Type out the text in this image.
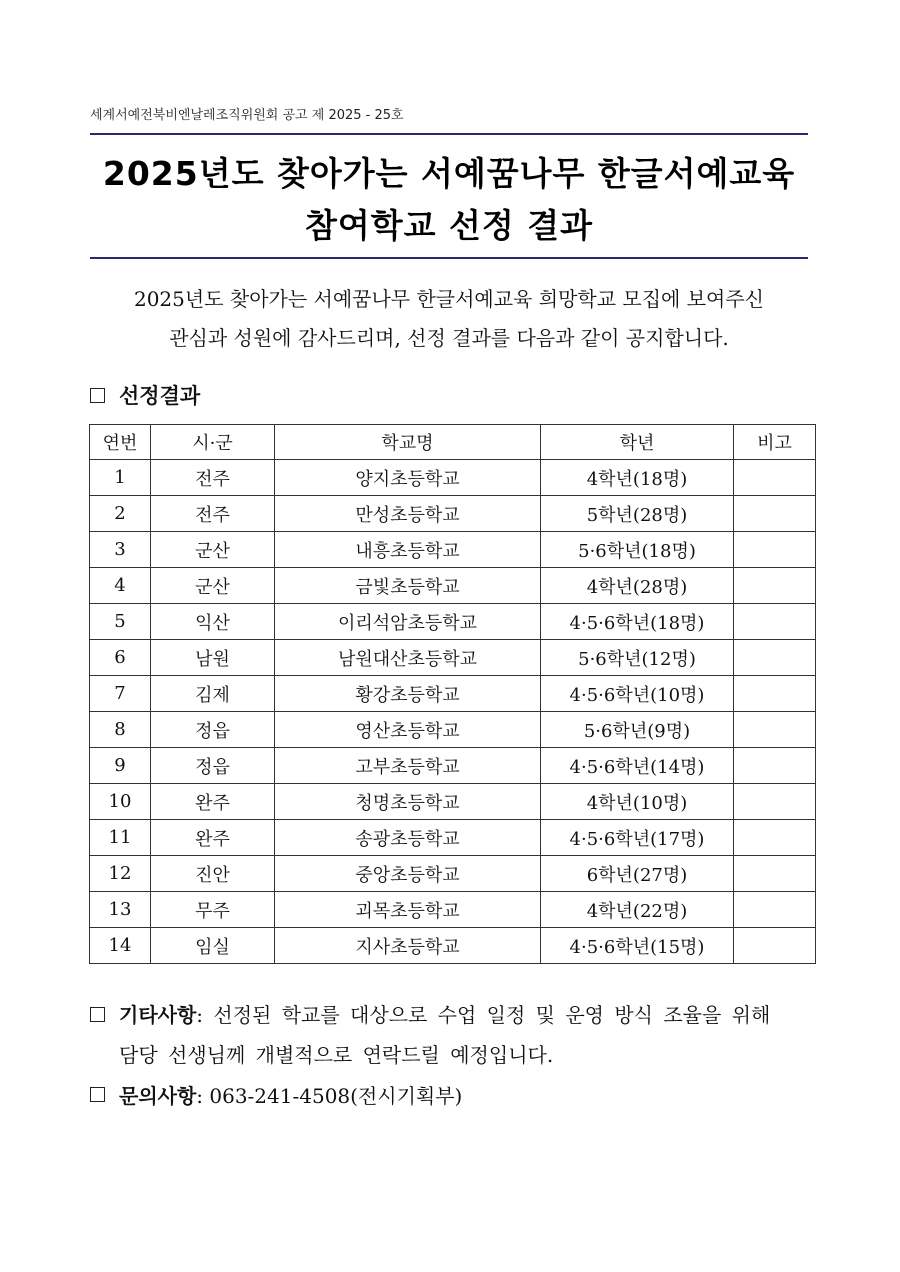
세계서예전북비엔날레조직위원회 공고 제 2025 - 25호
2025년도 찾아가는 서예꿈나무 한글서예교육
참여학교 선정 결과
2025년도 찾아가는 서예꿈나무 한글서예교육 희망학교 모집에 보여주신
관심과 성원에 감사드리며, 선정 결과를 다음과 같이 공지합니다.
선정결과
연번	시·군	학교명	학년	비고
1	전주	양지초등학교	4학년(18명)	
2	전주	만성초등학교	5학년(28명)	
3	군산	내흥초등학교	5·6학년(18명)	
4	군산	금빛초등학교	4학년(28명)	
5	익산	이리석암초등학교	4·5·6학년(18명)	
6	남원	남원대산초등학교	5·6학년(12명)	
7	김제	황강초등학교	4·5·6학년(10명)	
8	정읍	영산초등학교	5·6학년(9명)	
9	정읍	고부초등학교	4·5·6학년(14명)	
10	완주	청명초등학교	4학년(10명)	
11	완주	송광초등학교	4·5·6학년(17명)	
12	진안	중앙초등학교	6학년(27명)	
13	무주	괴목초등학교	4학년(22명)	
14	임실	지사초등학교	4·5·6학년(15명)	
기타사항: 선정된 학교를 대상으로 수업 일정 및 운영 방식 조율을 위해 담당 선생님께 개별적으로 연락드릴 예정입니다.
문의사항 : 063-241-4508(전시기획부)
